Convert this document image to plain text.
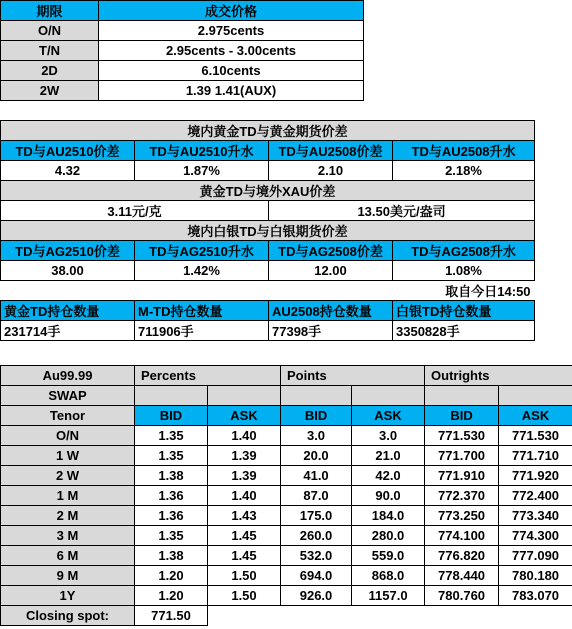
期限	成交价格
O/N	2.975cents
T/N	2.95cents - 3.00cents
2D	6.10cents
2W	1.39 1.41(AUX)
境内黄金TD与黄金期货价差			
TD与AU2510价差	TD与AU2510升水	TD与AU2508价差	TD与AU2508升水
4.32	1.87%	2.10	2.18%
黄金TD与境外XAU价差			
3.11元/克		13.50美元/盎司	
境内白银TD与白银期货价差			
TD与AG2510价差	TD与AG2510升水	TD与AG2508价差	TD与AG2508升水
38.00	1.42%	12.00	1.08%
取自今日14:50			
黄金TD持仓数量	M-TD持仓数量	AU2508持仓数量	白银TD持仓数量
231714手	711906手	77398手	3350828手
Au99.99	Percents		Points		Outrights	
SWAP						
Tenor	BID	ASK	BID	ASK	BID	ASK
O/N	1.35	1.40	3.0	3.0	771.530	771.530
1 W	1.35	1.39	20.0	21.0	771.700	771.710
2 W	1.38	1.39	41.0	42.0	771.910	771.920
1 M	1.36	1.40	87.0	90.0	772.370	772.400
2 M	1.36	1.43	175.0	184.0	773.250	773.340
3 M	1.35	1.45	260.0	280.0	774.100	774.300
6 M	1.38	1.45	532.0	559.0	776.820	777.090
9 M	1.20	1.50	694.0	868.0	778.440	780.180
1Y	1.20	1.50	926.0	1157.0	780.760	783.070
Closing spot:	771.50					
